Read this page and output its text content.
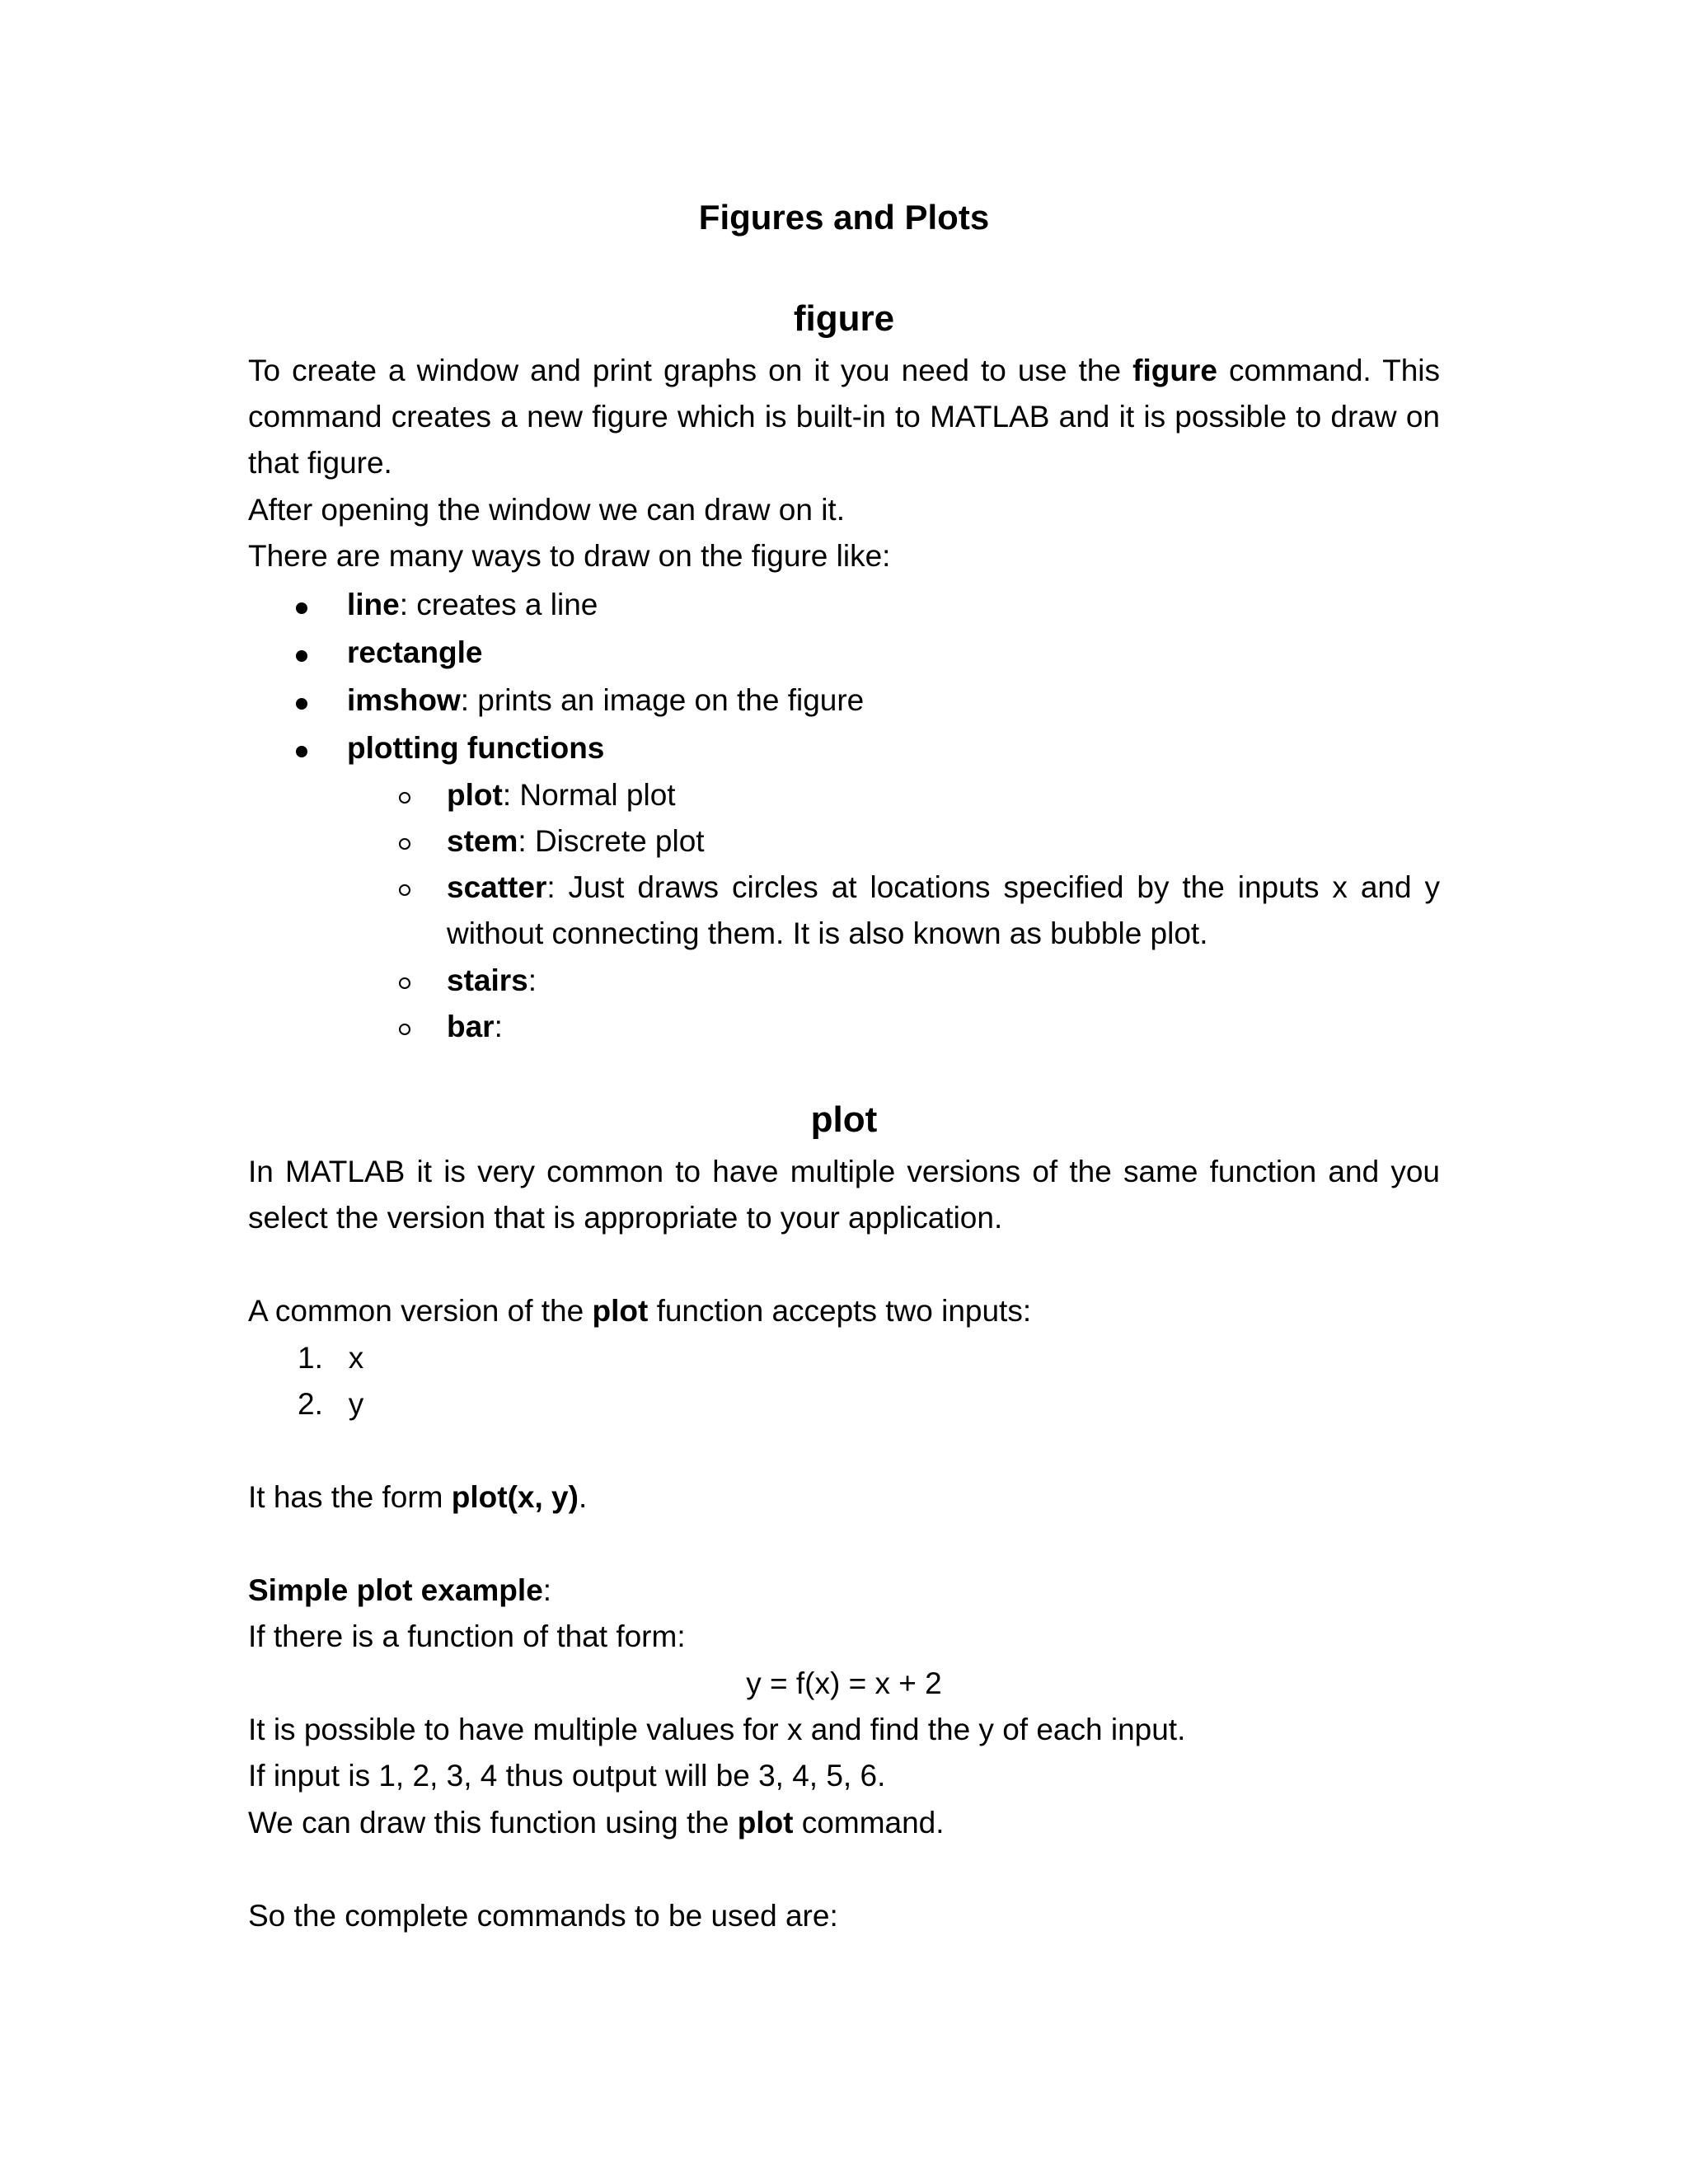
Figures and Plots
figure
To create a window and print graphs on it you need to use the figure command. This
command creates a new figure which is built-in to MATLAB and it is possible to draw on
that figure.
After opening the window we can draw on it.
There are many ways to draw on the figure like:
line: creates a line
rectangle
imshow: prints an image on the figure
plotting functions
plot: Normal plot
stem: Discrete plot
scatter: Just draws circles at locations specified by the inputs x and y
without connecting them. It is also known as bubble plot.
stairs:
bar:
plot
In MATLAB it is very common to have multiple versions of the same function and you
select the version that is appropriate to your application.
A common version of the plot function accepts two inputs:
1. x
2. y
It has the form plot(x, y).
Simple plot example:
If there is a function of that form:
y = f(x) = x + 2
It is possible to have multiple values for x and find the y of each input.
If input is 1, 2, 3, 4 thus output will be 3, 4, 5, 6.
We can draw this function using the plot command.
So the complete commands to be used are:
